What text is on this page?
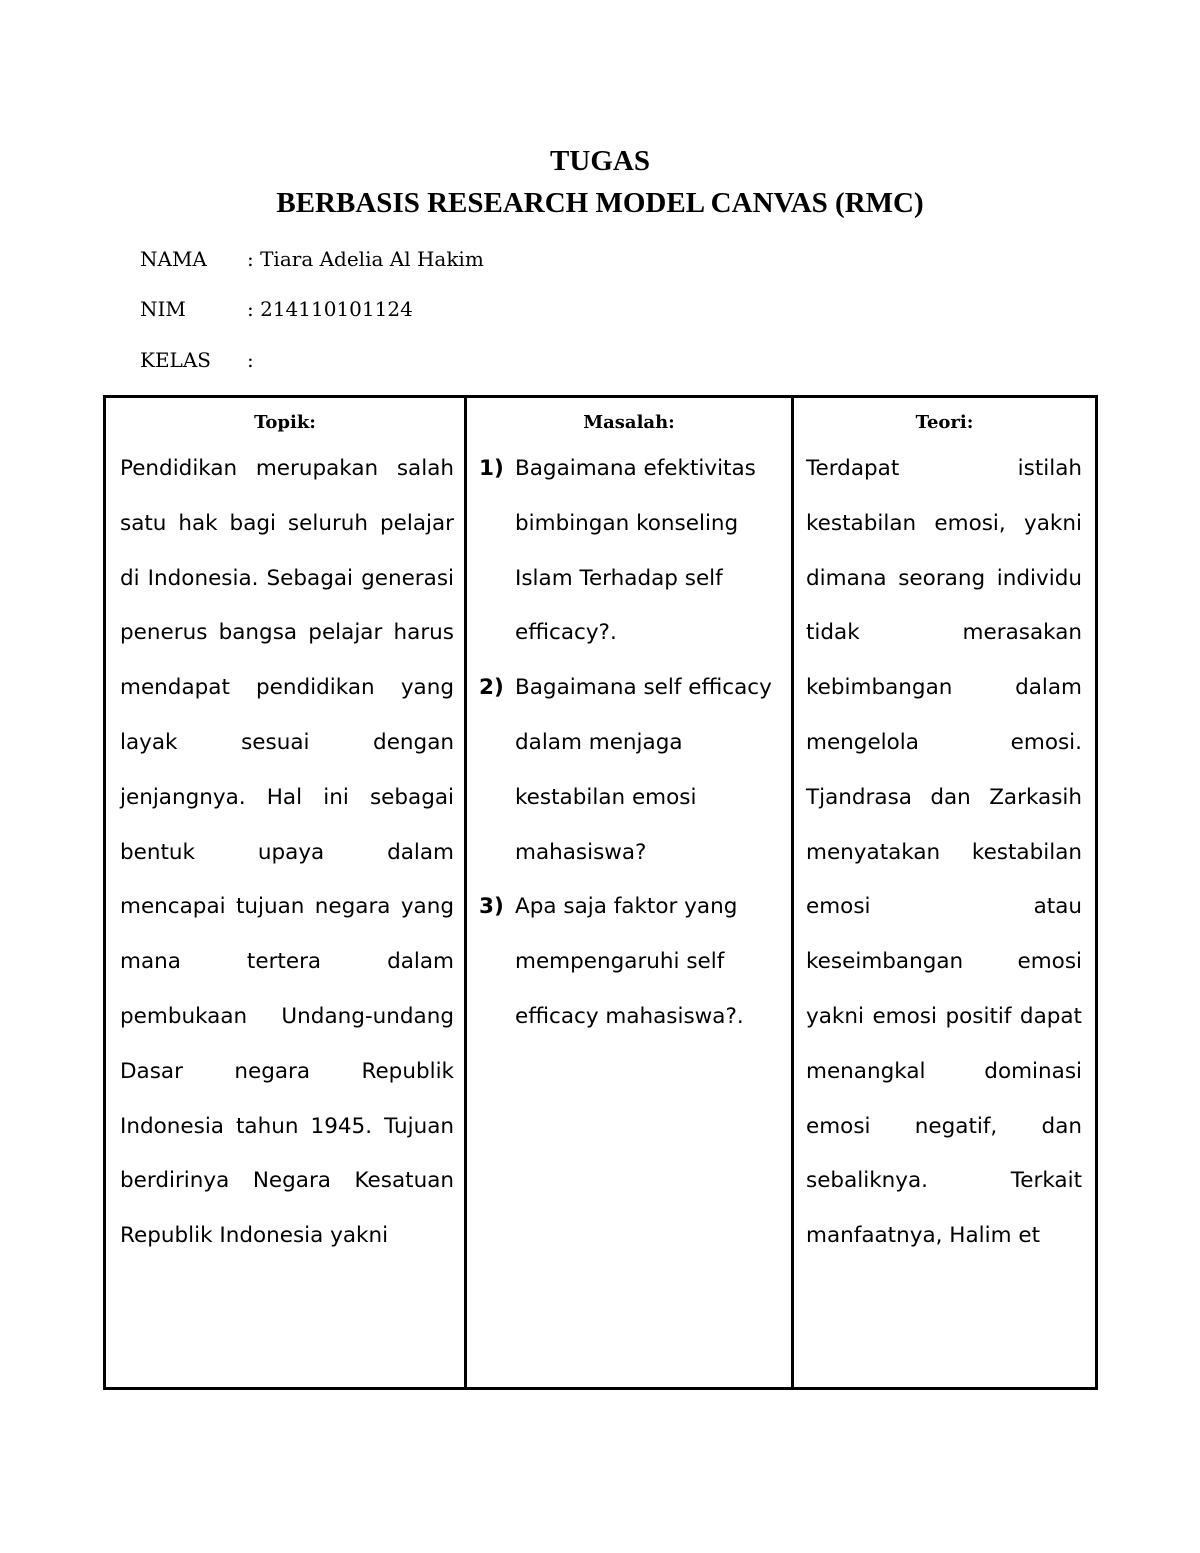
TUGAS
BERBASIS RESEARCH MODEL CANVAS (RMC)
NAMA : Tiara Adelia Al Hakim
NIM	: 214110101124
KELAS :
Topik:
Pendidikan merupakan salah satu hak bagi seluruh pelajar di Indonesia. Sebagai generasi penerus bangsa pelajar harus mendapat pendidikan yang layak sesuai dengan jenjangnya. Hal ini sebagai bentuk upaya dalam mencapai tujuan negara yang mana tertera dalam pembukaan Undang-undang Dasar negara Republik Indonesia tahun 1945. Tujuan berdirinya Negara Kesatuan Republik Indonesia yakni
Masalah:
1) Bagaimana efektivitas bimbingan konseling Islam Terhadap self efficacy?.
2) Bagaimana self efficacy dalam menjaga kestabilan emosi mahasiswa?
3) Apa saja faktor yang mempengaruhi self efficacy mahasiswa?.
Teori:
Terdapat istilah kestabilan emosi, yakni dimana seorang individu tidak merasakan kebimbangan dalam mengelola emosi. Tjandrasa dan Zarkasih menyatakan kestabilan emosi atau keseimbangan emosi yakni emosi positif dapat menangkal dominasi emosi negatif, dan sebaliknya. Terkait manfaatnya, Halim et
